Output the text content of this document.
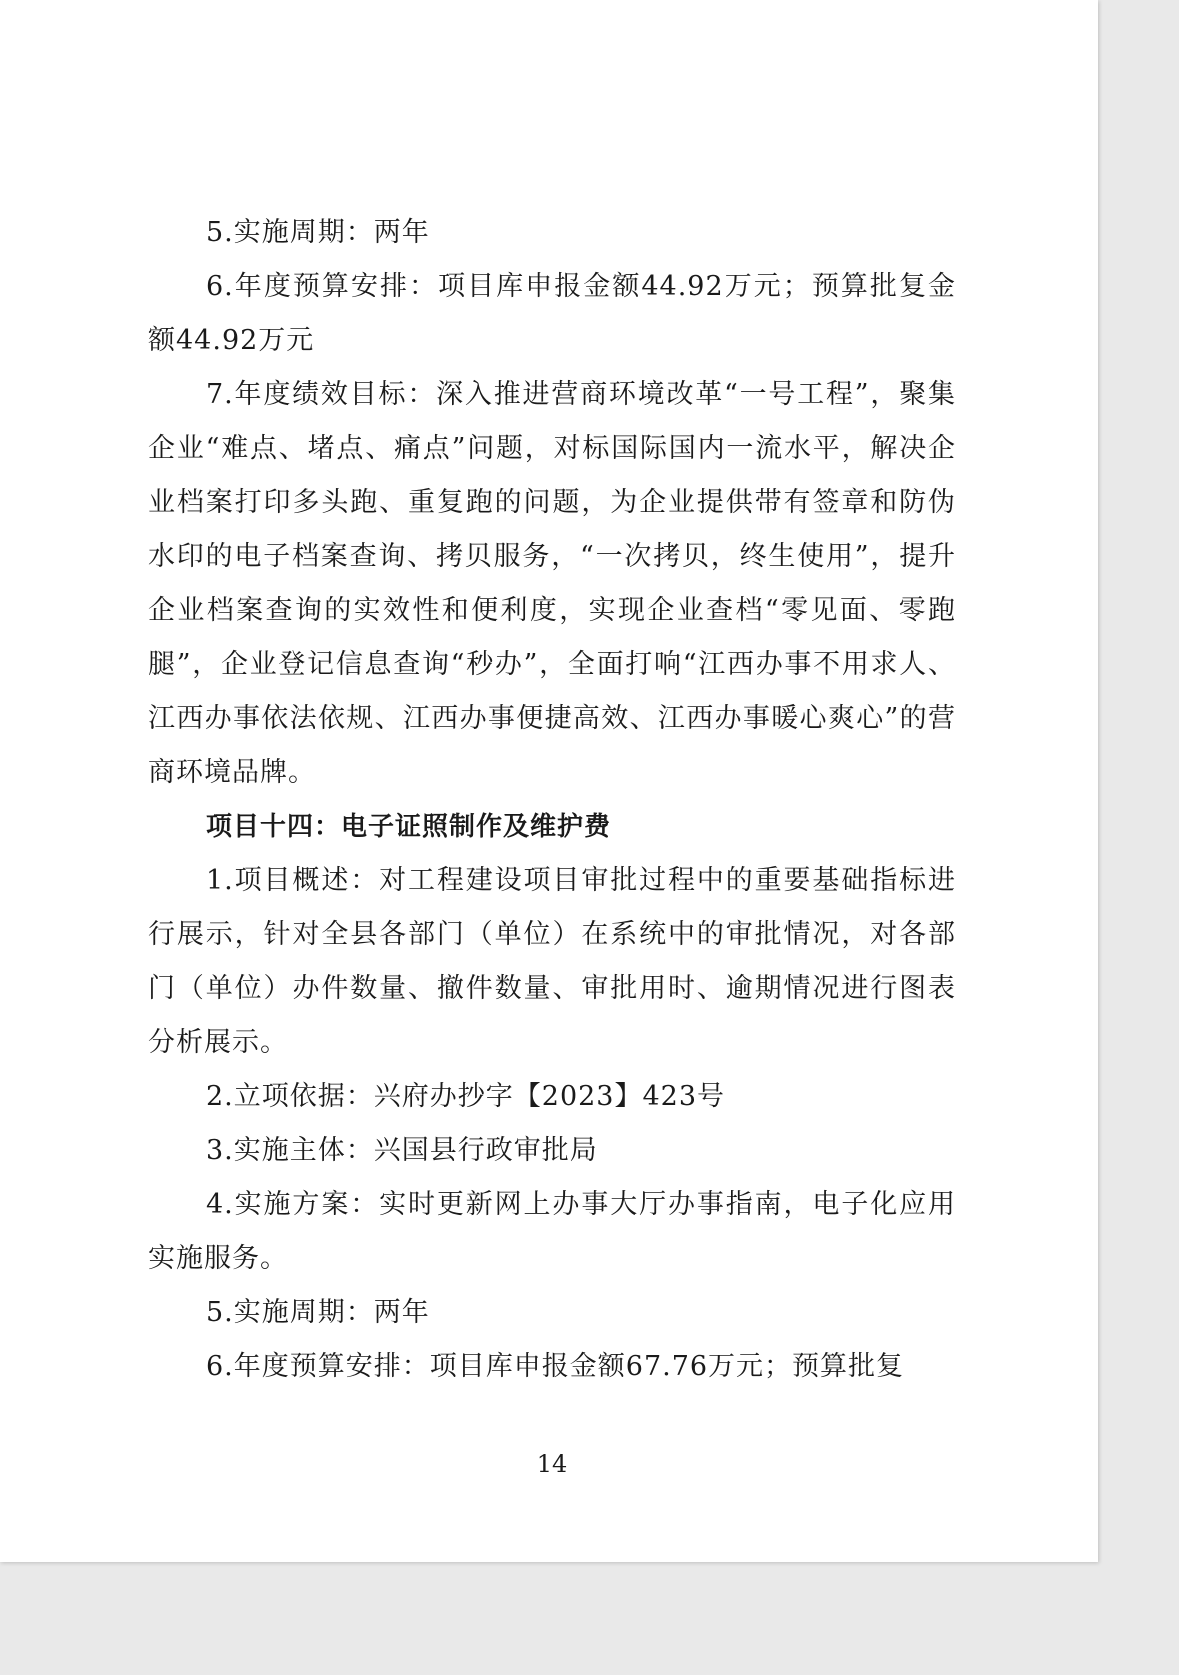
5.实施周期：两年

6.年度预算安排：项目库申报金额44.92万元；预算批复金额44.92万元

7.年度绩效目标：深入推进营商环境改革“一号工程”，聚集企业“难点、堵点、痛点”问题，对标国际国内一流水平，解决企业档案打印多头跑、重复跑的问题，为企业提供带有签章和防伪水印的电子档案查询、拷贝服务，“一次拷贝，终生使用”，提升企业档案查询的实效性和便利度，实现企业查档“零见面、零跑腿”，企业登记信息查询“秒办”，全面打响“江西办事不用求人、江西办事依法依规、江西办事便捷高效、江西办事暖心爽心”的营商环境品牌。

项目十四：电子证照制作及维护费

1.项目概述：对工程建设项目审批过程中的重要基础指标进行展示，针对全县各部门（单位）在系统中的审批情况，对各部门（单位）办件数量、撤件数量、审批用时、逾期情况进行图表分析展示。

2.立项依据：兴府办抄字【2023】423号

3.实施主体：兴国县行政审批局

4.实施方案：实时更新网上办事大厅办事指南，电子化应用实施服务。

5.实施周期：两年

6.年度预算安排：项目库申报金额67.76万元；预算批复

14
